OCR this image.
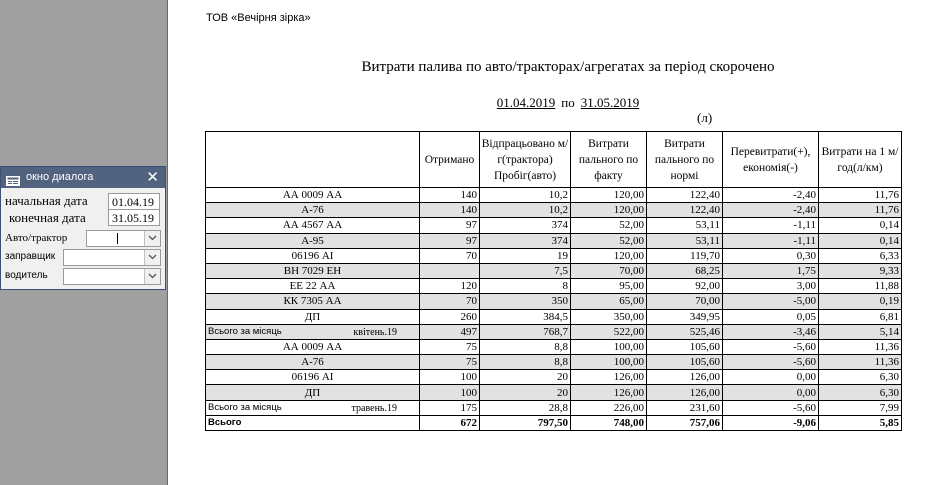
ТОВ «Вечірня зірка»
Витрати палива по авто/тракторах/агрегатах за період скорочено
01.04.2019 по 31.05.2019
(л)
	Отримано	Відпрацьовано м/г(трактора) Пробіг(авто)	Витрати пального по факту	Витрати пального по нормі	Перевитрати(+), економія(-)	Витрати на 1 м/год(л/км)
АА 0009 АА	140	10,2	120,00	122,40	-2,40	11,76
А-76	140	10,2	120,00	122,40	-2,40	11,76
АА 4567 АА	97	374	52,00	53,11	-1,11	0,14
А-95	97	374	52,00	53,11	-1,11	0,14
06196 АІ	70	19	120,00	119,70	0,30	6,33
ВН 7029 ЕН		7,5	70,00	68,25	1,75	9,33
ЕЕ 22 АА	120	8	95,00	92,00	3,00	11,88
КК 7305 АА	70	350	65,00	70,00	-5,00	0,19
ДП	260	384,5	350,00	349,95	0,05	6,81

Всього за місяць квітень.19	497	768,7	522,00	525,46	-3,46	5,14
АА 0009 АА	75	8,8	100,00	105,60	-5,60	11,36
А-76	75	8,8	100,00	105,60	-5,60	11,36
06196 АІ	100	20	126,00	126,00	0,00	6,30
ДП	100	20	126,00	126,00	0,00	6,30

Всього за місяць травень.19	175	28,8	226,00	231,60	-5,60	7,99

Всього	672	797,50	748,00	757,06	-9,06	5,85
окно диалога	✕
начальная дата	01.04.19
конечная дата	31.05.19
Авто/трактор
заправщик
водитель
